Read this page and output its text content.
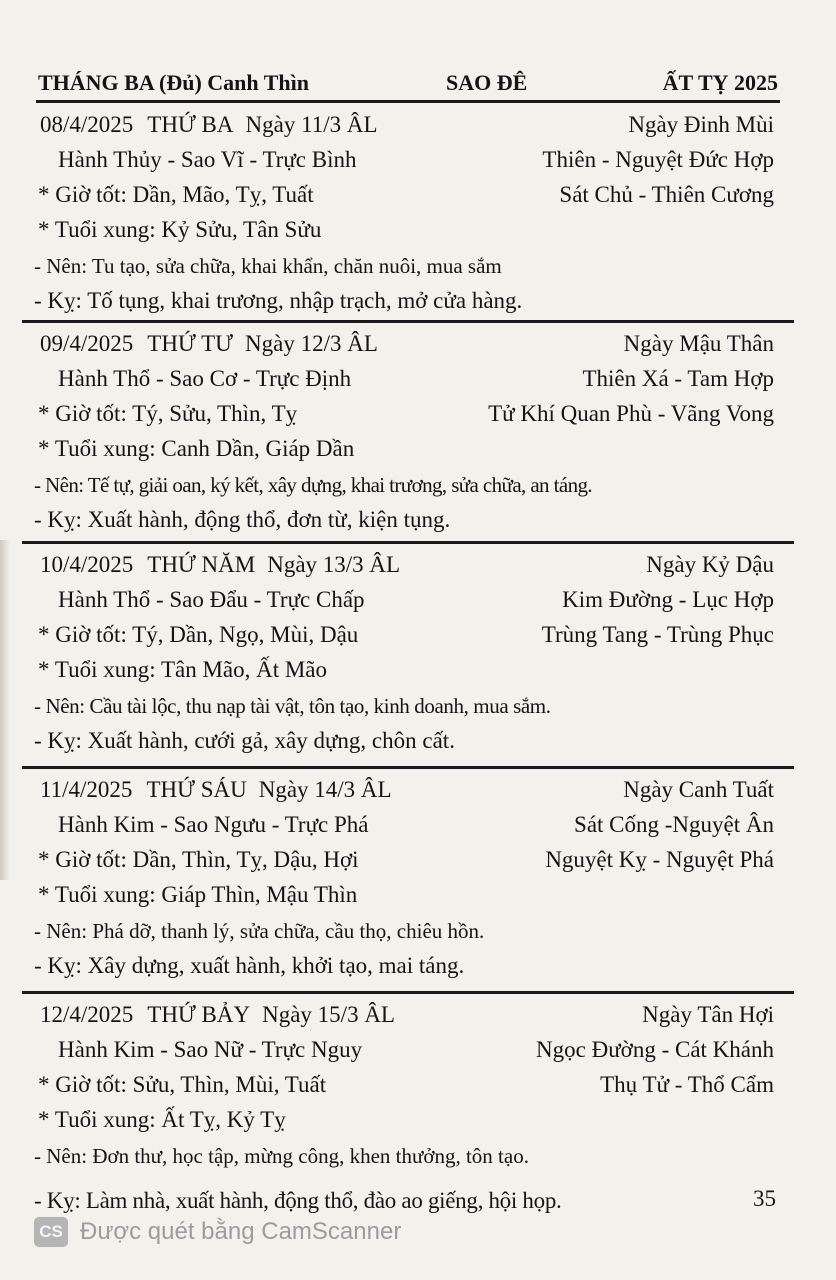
THÁNG BA (Đủ) Canh Thìn	SAO ĐÊ	ẤT TỴ 2025
08/4/2025 THỨ BA Ngày 11/3 ÂL	Ngày Đinh Mùi
Hành Thủy - Sao Vĩ - Trực Bình	Thiên - Nguyệt Đức Hợp
* Giờ tốt: Dần, Mão, Tỵ, Tuất	Sát Chủ - Thiên Cương
* Tuổi xung: Kỷ Sửu, Tân Sửu
- Nên: Tu tạo, sửa chữa, khai khẩn, chăn nuôi, mua sắm
- Kỵ: Tố tụng, khai trương, nhập trạch, mở cửa hàng.
09/4/2025 THỨ TƯ Ngày 12/3 ÂL	Ngày Mậu Thân
Hành Thổ - Sao Cơ - Trực Định	Thiên Xá - Tam Hợp
* Giờ tốt: Tý, Sửu, Thìn, Tỵ	Tử Khí Quan Phù - Vãng Vong
* Tuổi xung: Canh Dần, Giáp Dần
- Nên: Tế tự, giải oan, ký kết, xây dựng, khai trương, sửa chữa, an táng.
- Kỵ: Xuất hành, động thổ, đơn từ, kiện tụng.
10/4/2025 THỨ NĂM Ngày 13/3 ÂL	Ngày Kỷ Dậu
Hành Thổ - Sao Đẩu - Trực Chấp	Kim Đường - Lục Hợp
* Giờ tốt: Tý, Dần, Ngọ, Mùi, Dậu	Trùng Tang - Trùng Phục
* Tuổi xung: Tân Mão, Ất Mão
- Nên: Cầu tài lộc, thu nạp tài vật, tôn tạo, kinh doanh, mua sắm.
- Kỵ: Xuất hành, cưới gả, xây dựng, chôn cất.
11/4/2025 THỨ SÁU Ngày 14/3 ÂL	Ngày Canh Tuất
Hành Kim - Sao Ngưu - Trực Phá	Sát Cống -Nguyệt Ân
* Giờ tốt: Dần, Thìn, Tỵ, Dậu, Hợi	Nguyệt Kỵ - Nguyệt Phá
* Tuổi xung: Giáp Thìn, Mậu Thìn
- Nên: Phá dỡ, thanh lý, sửa chữa, cầu thọ, chiêu hồn.
- Kỵ: Xây dựng, xuất hành, khởi tạo, mai táng.
12/4/2025 THỨ BẢY Ngày 15/3 ÂL	Ngày Tân Hợi
Hành Kim - Sao Nữ - Trực Nguy	Ngọc Đường - Cát Khánh
* Giờ tốt: Sửu, Thìn, Mùi, Tuất	Thụ Tử - Thổ Cẩm
* Tuổi xung: Ất Tỵ, Kỷ Tỵ
- Nên: Đơn thư, học tập, mừng công, khen thưởng, tôn tạo.
- Kỵ: Làm nhà, xuất hành, động thổ, đào ao giếng, hội họp.	35
CS Được quét bằng CamScanner
